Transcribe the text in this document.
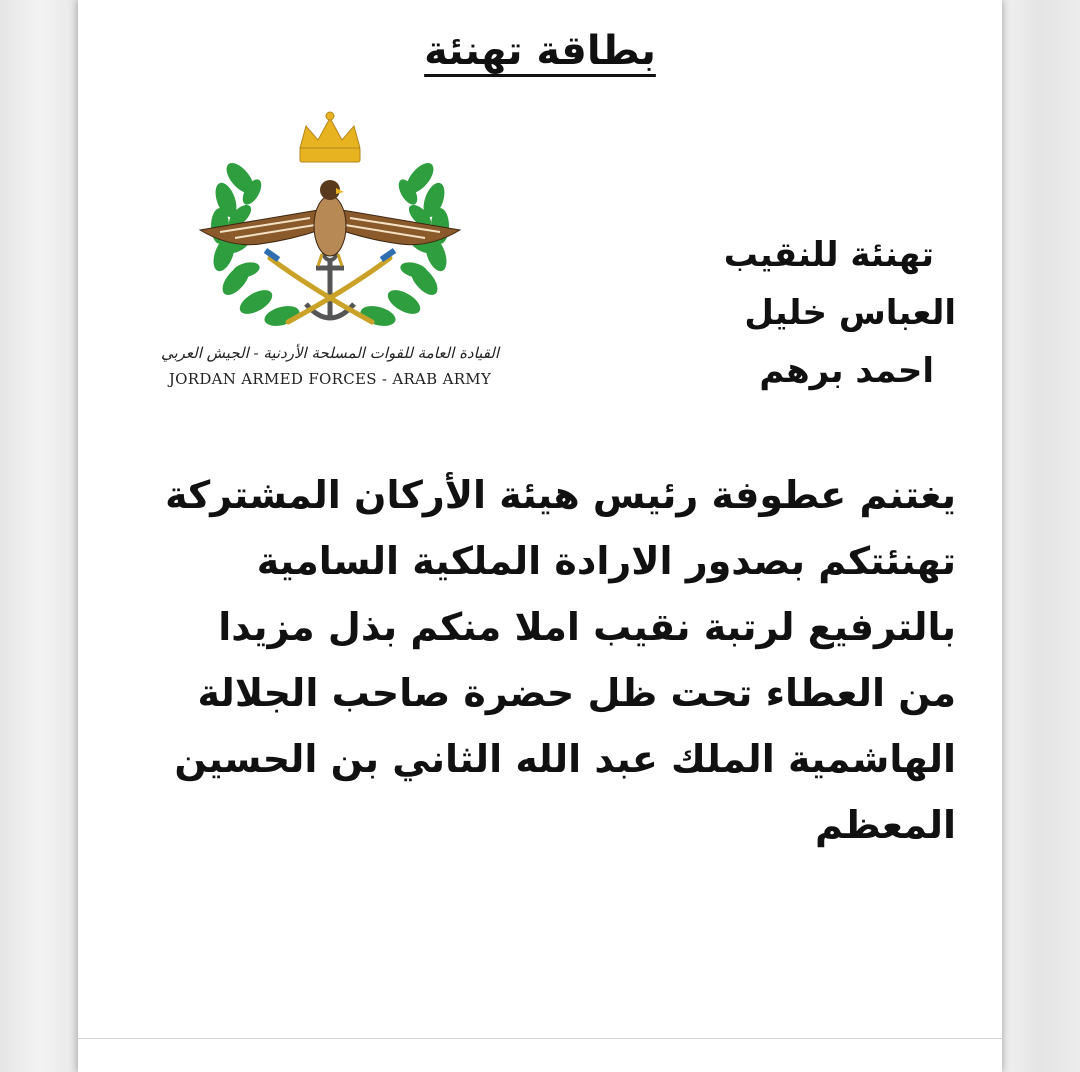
بطاقة تهنئة
القيادة العامة للقوات المسلحة الأردنية - الجيش العربي
JORDAN ARMED FORCES - ARAB ARMY
تهنئة للنقيب
العباس خليل
احمد برهم
يغتنم عطوفة رئيس هيئة الأركان المشتركة
تهنئتكم بصدور الارادة الملكية السامية
بالترفيع لرتبة نقيب املا منكم بذل مزيدا
من العطاء تحت ظل حضرة صاحب الجلالة
الهاشمية الملك عبد الله الثاني بن الحسين
المعظم
